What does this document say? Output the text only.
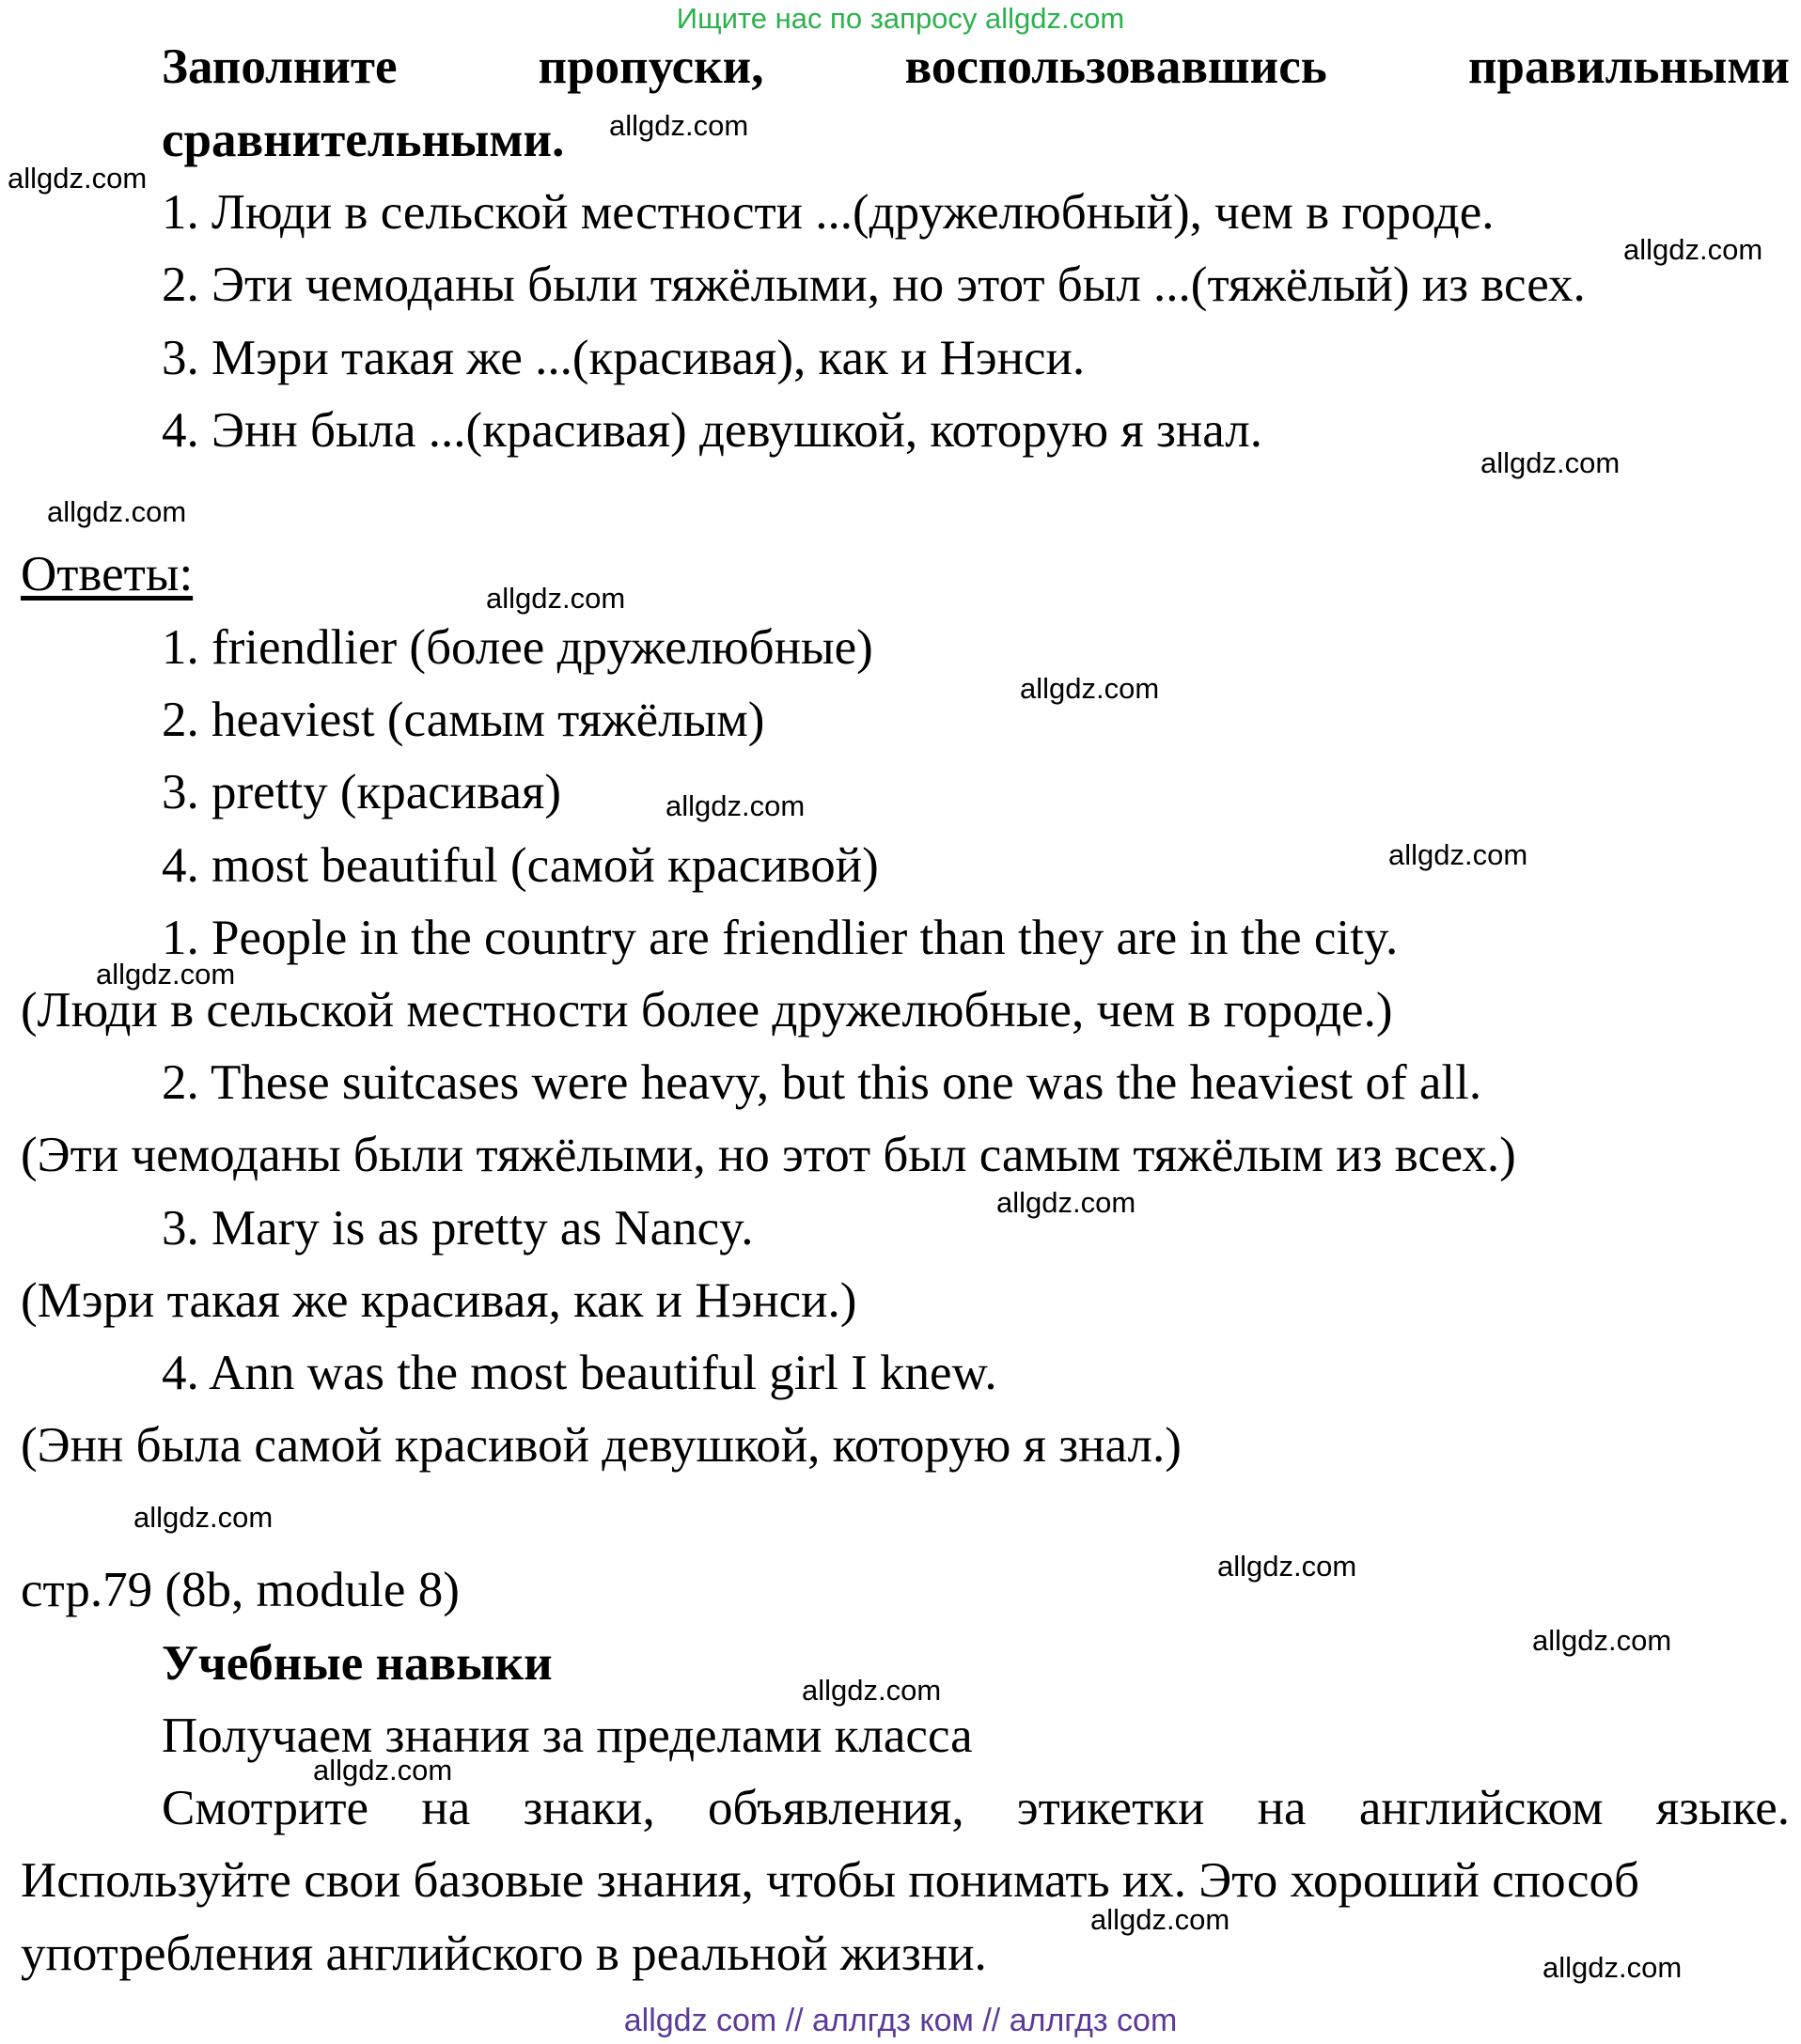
Ищите нас по запросу allgdz.com
Заполните	пропуски,	воспользовавшись	правильными
сравнительными.
1. Люди в сельской местности ...(дружелюбный), чем в городе.
2. Эти чемоданы были тяжёлыми, но этот был ...(тяжёлый) из всех.
3. Мэри такая же ...(красивая), как и Нэнси.
4. Энн была ...(красивая) девушкой, которую я знал.
Ответы:
1. friendlier (более дружелюбные)
2. heaviest (самым тяжёлым)
3. pretty (красивая)
4. most beautiful (самой красивой)
1. People in the country are friendlier than they are in the city.
(Люди в сельской местности более дружелюбные, чем в городе.)
2. These suitcases were heavy, but this one was the heaviest of all.
(Эти чемоданы были тяжёлыми, но этот был самым тяжёлым из всех.)
3. Mary is as pretty as Nancy.
(Мэри такая же красивая, как и Нэнси.)
4. Ann was the most beautiful girl I knew.
(Энн была самой красивой девушкой, которую я знал.)
стр.79 (8b, module 8)
Учебные навыки
Получаем знания за пределами класса
Смотрите на знаки, объявления, этикетки на английском языке.
Используйте свои базовые знания, чтобы понимать их. Это хороший способ
употребления английского в реальной жизни.
allgdz.com
allgdz.com
allgdz.com
allgdz.com
allgdz.com
allgdz.com
allgdz.com
allgdz.com
allgdz.com
allgdz.com
allgdz.com
allgdz.com
allgdz.com
allgdz.com
allgdz.com
allgdz.com
allgdz.com
allgdz.com
allgdz com // аллгдз ком // аллгдз com
